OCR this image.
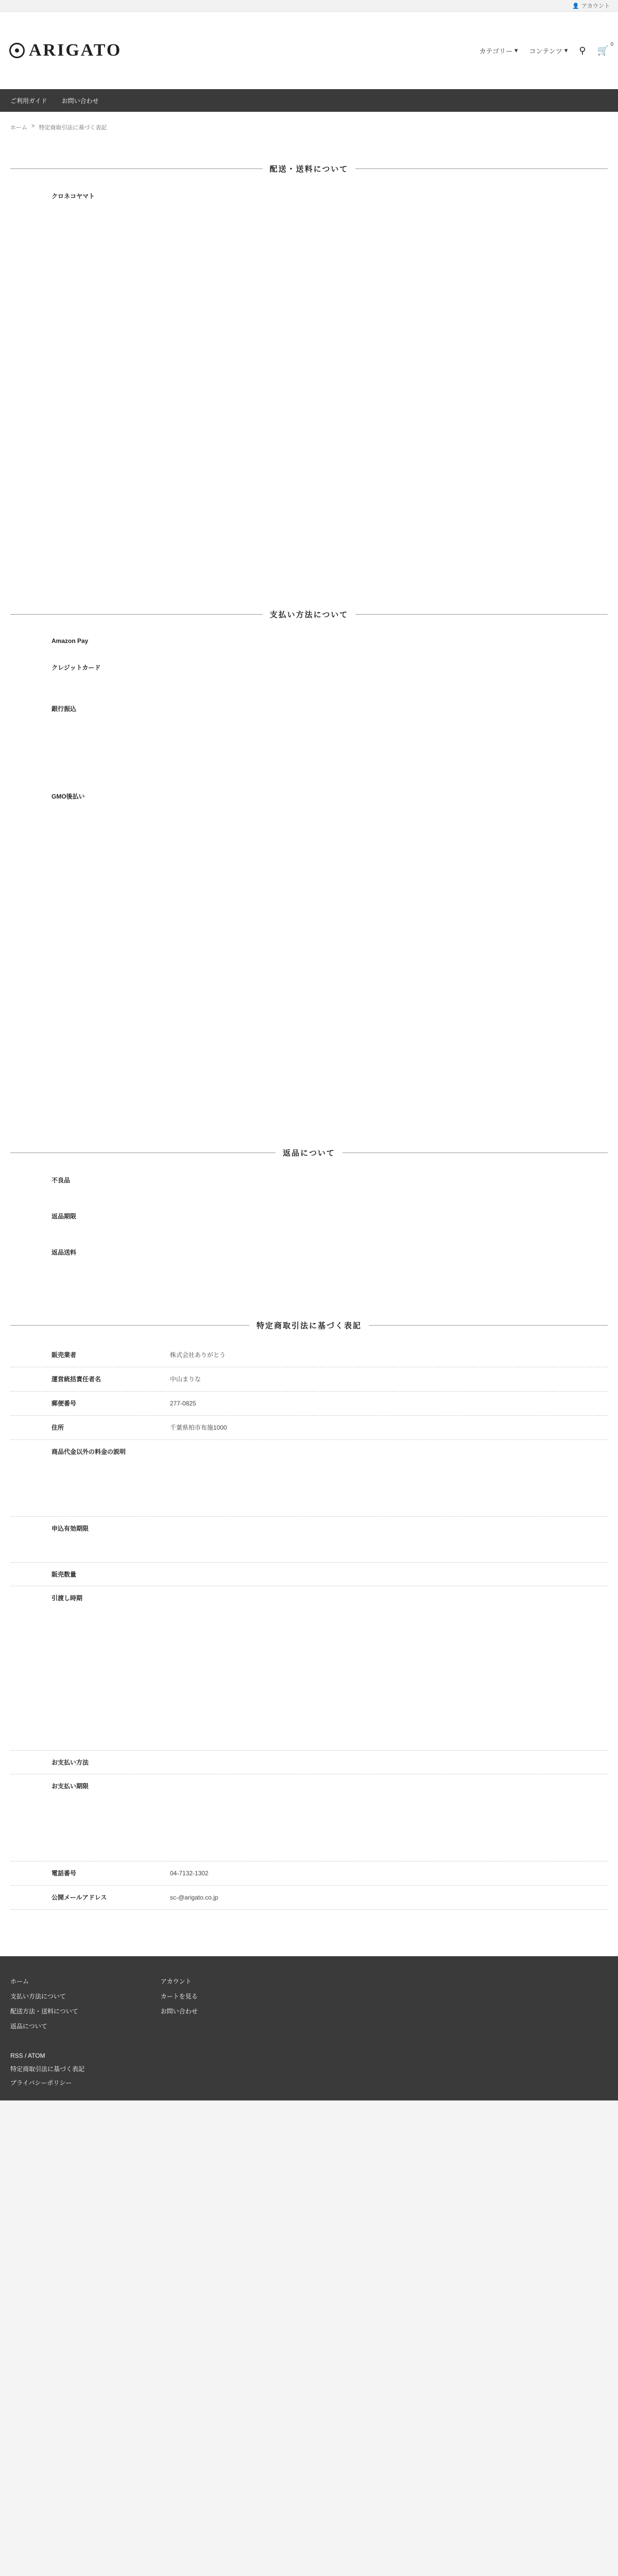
👤 アカウント
ARIGATO	カテゴリー ▾ コンテンツ ▾ ⚲ 🛒
0
ご利用ガイド お問い合わせ
ホーム > 特定商取引法に基づく表記
配送・送料について
クロネコヤマト
支払い方法について
Amazon Pay
クレジットカード
銀行振込
GMO後払い
返品について
不良品
返品期限
返品送料
特定商取引法に基づく表記
販売業者	株式会社ありがとう
運営統括責任者名	中山まりな
郵便番号	277-0825
住所	千葉県柏市布施1000
商品代金以外の料金の説明
申込有効期限
販売数量
引渡し時期
お支払い方法
お支払い期限
電話番号	04-7132-1302
公開メールアドレス	sc-@arigato.co.jp
ホーム
支払い方法について
配送方法・送料について
返品について
アカウント
カートを見る
お問い合わせ
RSS / ATOM
特定商取引法に基づく表記
プライバシーポリシー
